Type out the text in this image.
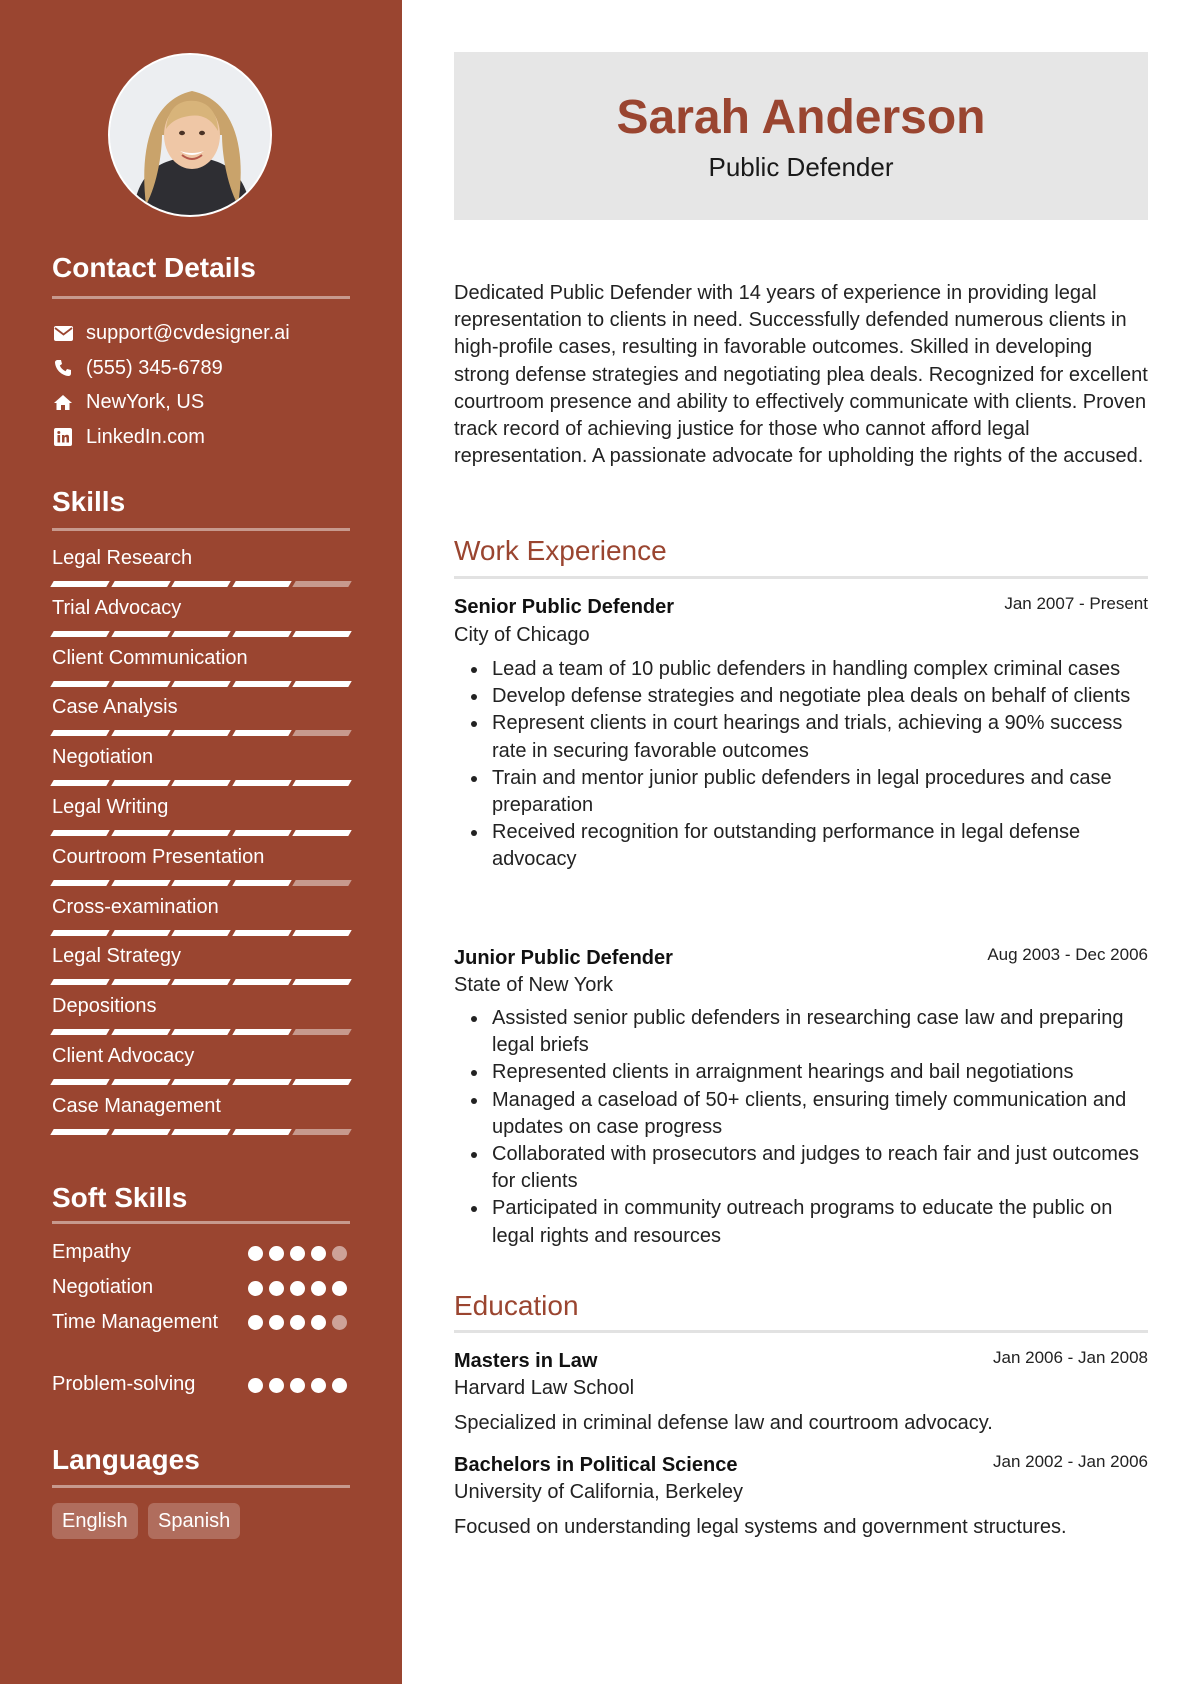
Contact Details
support@cvdesigner.ai
(555) 345-6789
NewYork, US
LinkedIn.com
Skills
Legal Research
Trial Advocacy
Client Communication
Case Analysis
Negotiation
Legal Writing
Courtroom Presentation
Cross-examination
Legal Strategy
Depositions
Client Advocacy
Case Management
Soft Skills
Empathy
Negotiation
Time Management
Problem-solving
Languages
English	Spanish
Sarah Anderson
Public Defender

Dedicated Public Defender with 14 years of experience in providing legal representation to clients in need. Successfully defended numerous clients in high-profile cases, resulting in favorable outcomes. Skilled in developing strong defense strategies and negotiating plea deals. Recognized for excellent courtroom presence and ability to effectively communicate with clients. Proven track record of achieving justice for those who cannot afford legal representation. A passionate advocate for upholding the rights of the accused.

Work Experience
Senior Public Defender	Jan 2007 - Present
City of Chicago
Lead a team of 10 public defenders in handling complex criminal cases
Develop defense strategies and negotiate plea deals on behalf of clients
Represent clients in court hearings and trials, achieving a 90% success rate in securing favorable outcomes
Train and mentor junior public defenders in legal procedures and case preparation
Received recognition for outstanding performance in legal defense advocacy
Junior Public Defender	Aug 2003 - Dec 2006
State of New York
Assisted senior public defenders in researching case law and preparing legal briefs
Represented clients in arraignment hearings and bail negotiations
Managed a caseload of 50+ clients, ensuring timely communication and updates on case progress
Collaborated with prosecutors and judges to reach fair and just outcomes for clients
Participated in community outreach programs to educate the public on legal rights and resources
Education
Masters in Law	Jan 2006 - Jan 2008
Harvard Law School
Specialized in criminal defense law and courtroom advocacy.
Bachelors in Political Science	Jan 2002 - Jan 2006
University of California, Berkeley
Focused on understanding legal systems and government structures.
